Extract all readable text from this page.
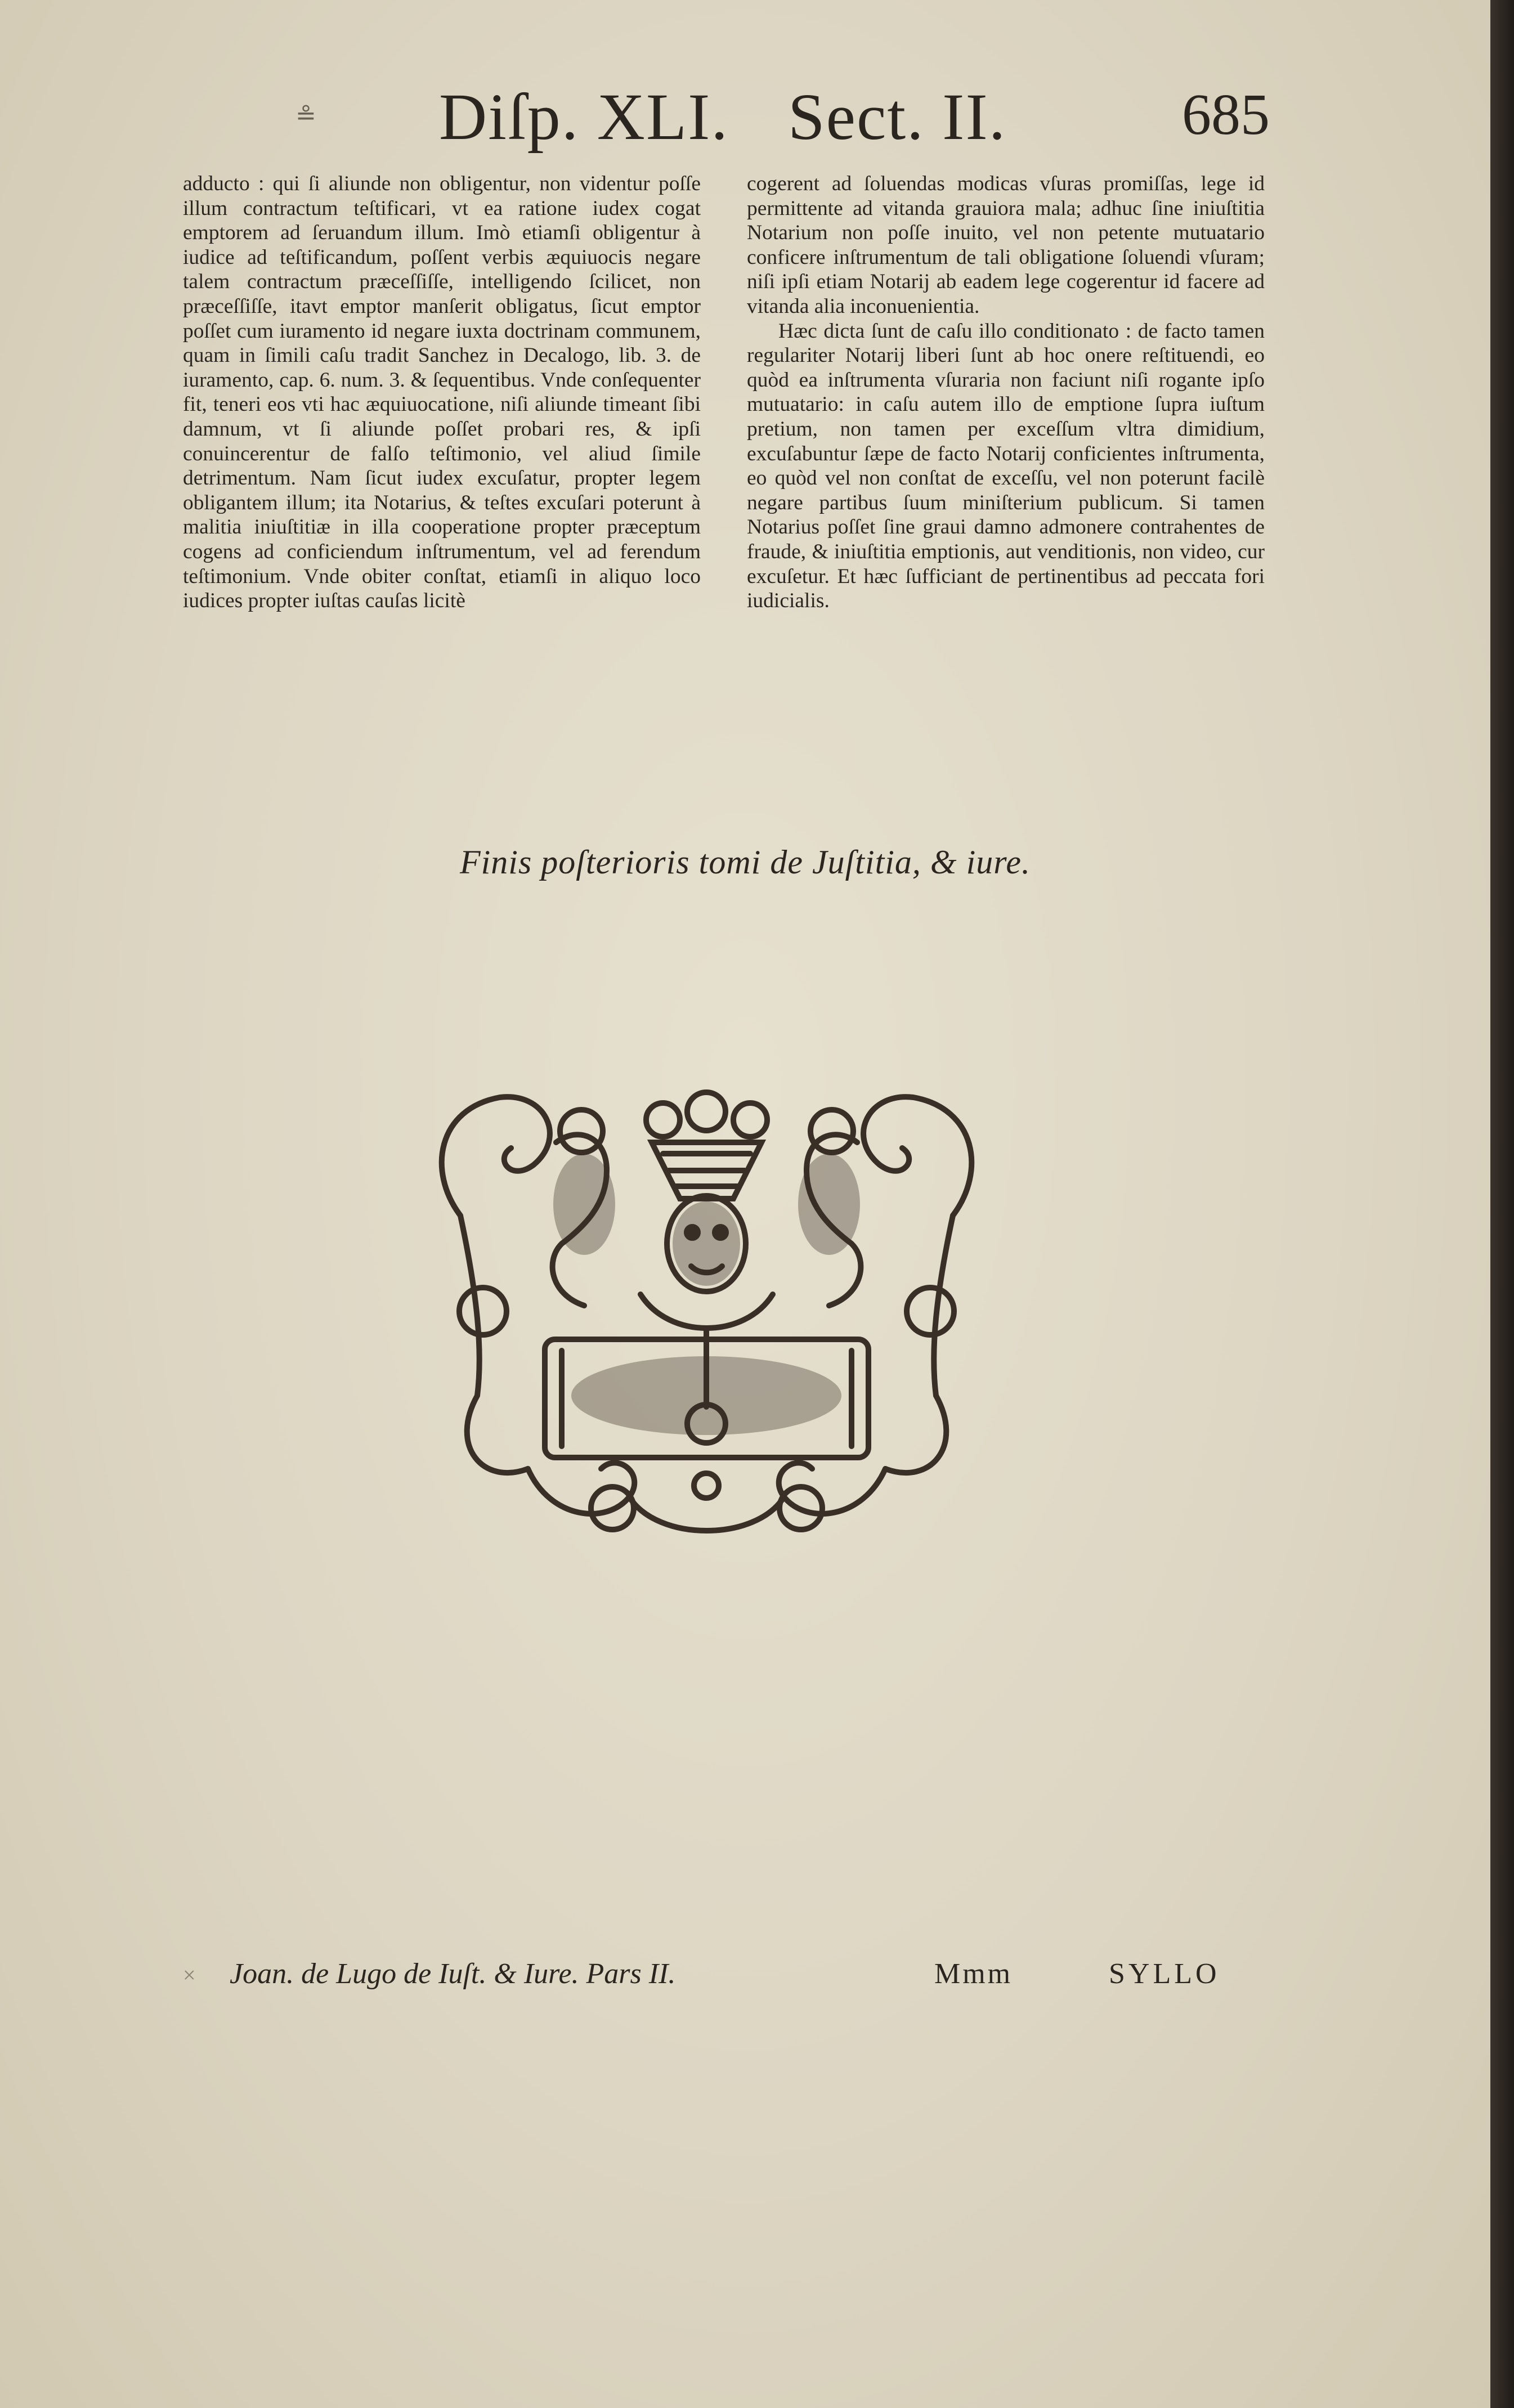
≗ Diſp. XLI. Sect. II.	685

adducto : qui ſi aliunde non obligentur, non videntur poſſe illum contractum teſtificari, vt ea ratione iudex cogat emptorem ad ſeruandum illum. Imò etiamſi obligentur à iudice ad teſtificandum, poſſent verbis æquiuocis negare talem contractum præceſſiſſe, intelligendo ſcilicet, non præceſſiſſe, itavt emptor manſerit obligatus, ſicut emptor poſſet cum iuramento id negare iuxta doctrinam communem, quam in ſimili caſu tradit Sanchez in Decalogo, lib. 3. de iuramento, cap. 6. num. 3. & ſequentibus. Vnde conſequenter fit, teneri eos vti hac æquiuocatione, niſi aliunde timeant ſibi damnum, vt ſi aliunde poſſet probari res, & ipſi conuincerentur de falſo teſtimonio, vel aliud ſimile detrimentum. Nam ſicut iudex excuſatur, propter legem obligantem illum; ita Notarius, & teſtes excuſari poterunt à malitia iniuſtitiæ in illa cooperatione propter præceptum cogens ad conficiendum inſtrumentum, vel ad ferendum teſtimonium. Vnde obiter conſtat, etiamſi in aliquo loco iudices propter iuſtas cauſas licitè

cogerent ad ſoluendas modicas vſuras promiſſas, lege id permittente ad vitanda grauiora mala; adhuc ſine iniuſtitia Notarium non poſſe inuito, vel non petente mutuatario conficere inſtrumentum de tali obligatione ſoluendi vſuram; niſi ipſi etiam Notarij ab eadem lege cogerentur id facere ad vitanda alia inconuenientia.

Hæc dicta ſunt de caſu illo conditionato : de facto tamen regulariter Notarij liberi ſunt ab hoc onere reſtituendi, eo quòd ea inſtrumenta vſuraria non faciunt niſi rogante ipſo mutuatario: in caſu autem illo de emptione ſupra iuſtum pretium, non tamen per exceſſum vltra dimidium, excuſabuntur ſæpe de facto Notarij conficientes inſtrumenta, eo quòd vel non conſtat de exceſſu, vel non poterunt facilè negare partibus ſuum miniſterium publicum. Si tamen Notarius poſſet ſine graui damno admonere contrahentes de fraude, & iniuſtitia emptionis, aut venditionis, non video, cur excuſetur. Et hæc ſufficiant de pertinentibus ad peccata fori iudicialis.

Finis poſterioris tomi de Juſtitia, & iure.
× Joan. de Lugo de Iuſt. & Iure. Pars II.	Mmm	SYLLO
